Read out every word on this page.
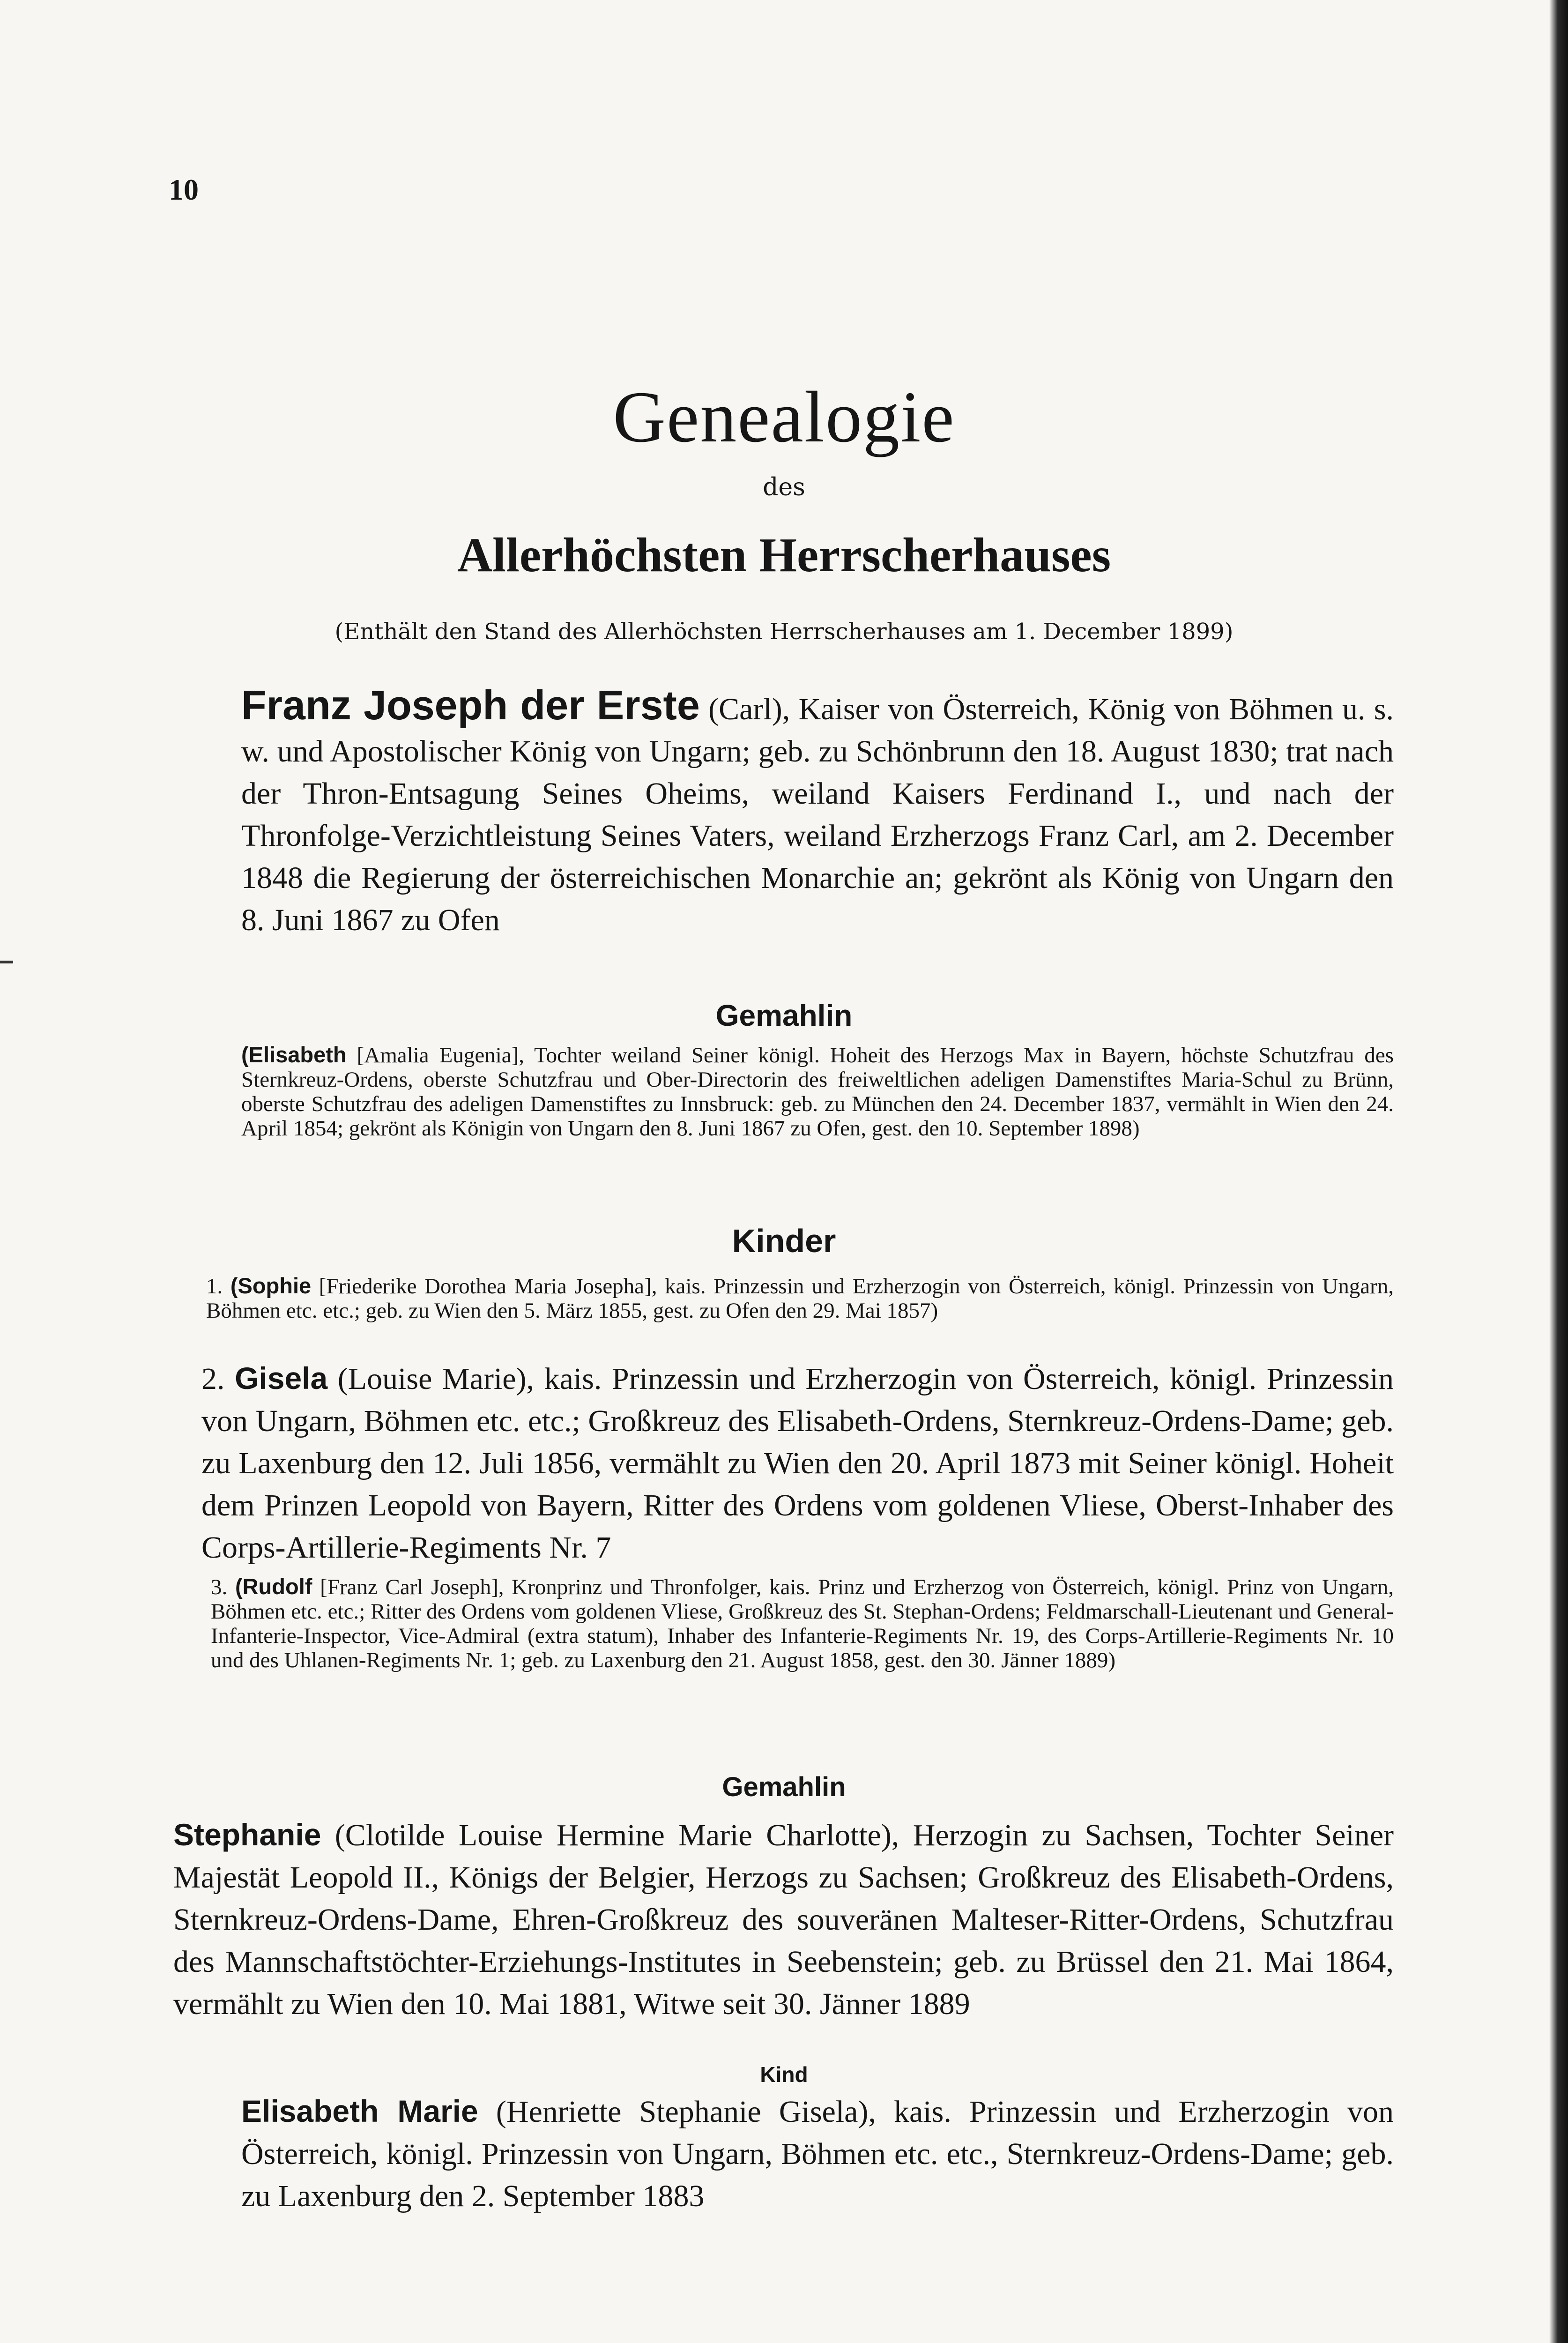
10
Genealogie
des
Allerhöchsten Herrscherhauses
(Enthält den Stand des Allerhöchsten Herrscherhauses am 1. December 1899)
Franz Joseph der Erste (Carl), Kaiser von Österreich, König von Böhmen u. s. w. und Apostolischer König von Ungarn; geb. zu Schönbrunn den 18. August 1830; trat nach der Thron-Entsagung Seines Oheims, weiland Kaisers Ferdinand I., und nach der Thronfolge-Verzichtleistung Seines Vaters, weiland Erzherzogs Franz Carl, am 2. December 1848 die Regierung der österreichischen Monarchie an; gekrönt als König von Ungarn den 8. Juni 1867 zu Ofen
Gemahlin
(Elisabeth [Amalia Eugenia], Tochter weiland Seiner königl. Hoheit des Herzogs Max in Bayern, höchste Schutzfrau des Sternkreuz-Ordens, oberste Schutzfrau und Ober-Directorin des freiweltlichen adeligen Damenstiftes Maria-Schul zu Brünn, oberste Schutzfrau des adeligen Damenstiftes zu Innsbruck: geb. zu München den 24. December 1837, vermählt in Wien den 24. April 1854; gekrönt als Königin von Ungarn den 8. Juni 1867 zu Ofen, gest. den 10. September 1898)
Kinder
1. (Sophie [Friederike Dorothea Maria Josepha], kais. Prinzessin und Erzherzogin von Österreich, königl. Prinzessin von Ungarn, Böhmen etc. etc.; geb. zu Wien den 5. März 1855, gest. zu Ofen den 29. Mai 1857)
2. Gisela (Louise Marie), kais. Prinzessin und Erzherzogin von Österreich, königl. Prinzessin von Ungarn, Böhmen etc. etc.; Großkreuz des Elisabeth-Ordens, Sternkreuz-Ordens-Dame; geb. zu Laxenburg den 12. Juli 1856, vermählt zu Wien den 20. April 1873 mit Seiner königl. Hoheit dem Prinzen Leopold von Bayern, Ritter des Ordens vom goldenen Vliese, Oberst-Inhaber des Corps-Artillerie-Regiments Nr. 7
3. (Rudolf [Franz Carl Joseph], Kronprinz und Thronfolger, kais. Prinz und Erzherzog von Österreich, königl. Prinz von Ungarn, Böhmen etc. etc.; Ritter des Ordens vom goldenen Vliese, Großkreuz des St. Stephan-Ordens; Feldmarschall-Lieutenant und General-Infanterie-Inspector, Vice-Admiral (extra statum), Inhaber des Infanterie-Regiments Nr. 19, des Corps-Artillerie-Regiments Nr. 10 und des Uhlanen-Regiments Nr. 1; geb. zu Laxenburg den 21. August 1858, gest. den 30. Jänner 1889)
Gemahlin
Stephanie (Clotilde Louise Hermine Marie Charlotte), Herzogin zu Sachsen, Tochter Seiner Majestät Leopold II., Königs der Belgier, Herzogs zu Sachsen; Großkreuz des Elisabeth-Ordens, Sternkreuz-Ordens-Dame, Ehren-Großkreuz des souveränen Malteser-Ritter-Ordens, Schutzfrau des Mannschaftstöchter-Erziehungs-Institutes in Seebenstein; geb. zu Brüssel den 21. Mai 1864, vermählt zu Wien den 10. Mai 1881, Witwe seit 30. Jänner 1889
Kind
Elisabeth Marie (Henriette Stephanie Gisela), kais. Prinzessin und Erzherzogin von Österreich, königl. Prinzessin von Ungarn, Böhmen etc. etc., Sternkreuz-Ordens-Dame; geb. zu Laxenburg den 2. September 1883
